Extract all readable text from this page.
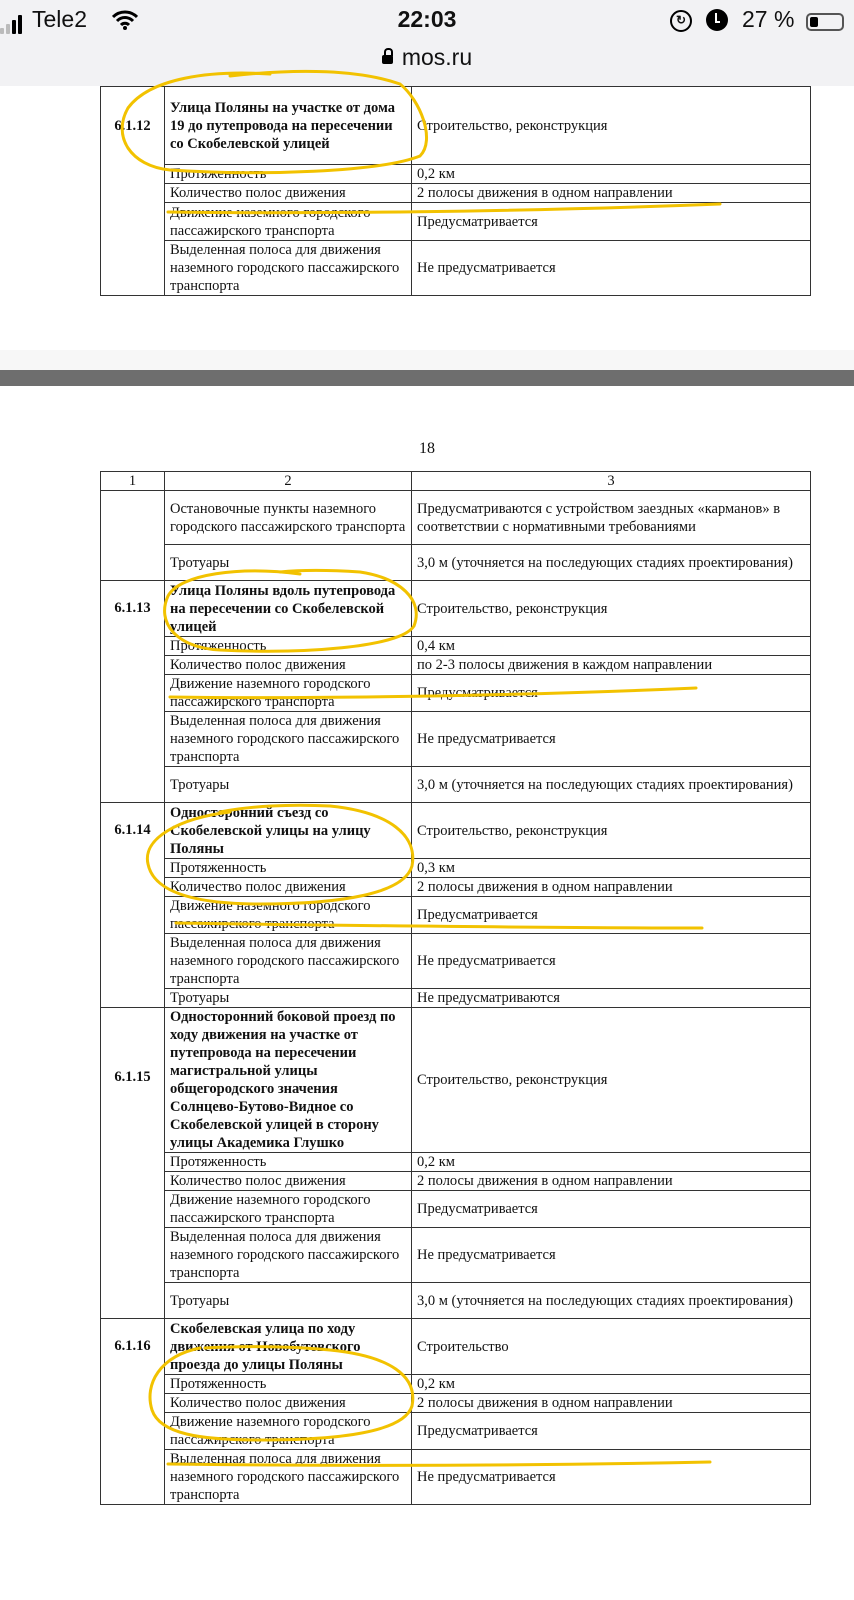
Tele2	22:03	↻ 27 %
mos.ru
6.1.12	Улица Поляны на участке от дома 19 до путепровода на пересечении со Скобелевской улицей	Строительство, реконструкция
	Протяженность	0,2 км
	Количество полос движения	2 полосы движения в одном направлении
	Движение наземного городского пассажирского транспорта	Предусматривается
	Выделенная полоса для движения наземного городского пассажирского транспорта	Не предусматривается
18
1	2	3
	Остановочные пункты наземного городского пассажирского транспорта	Предусматриваются с устройством заездных «карманов» в соответствии с нормативными требованиями
	Тротуары	3,0 м (уточняется на последующих стадиях проектирования)
6.1.13	Улица Поляны вдоль путепровода на пересечении со Скобелевской улицей	Строительство, реконструкция
	Протяженность	0,4 км
	Количество полос движения	по 2-3 полосы движения в каждом направлении
	Движение наземного городского пассажирского транспорта	Предусматривается
	Выделенная полоса для движения наземного городского пассажирского транспорта	Не предусматривается
	Тротуары	3,0 м (уточняется на последующих стадиях проектирования)
6.1.14	Односторонний съезд со Скобелевской улицы на улицу Поляны	Строительство, реконструкция
	Протяженность	0,3 км
	Количество полос движения	2 полосы движения в одном направлении
	Движение наземного городского пассажирского транспорта	Предусматривается
	Выделенная полоса для движения наземного городского пассажирского транспорта	Не предусматривается
	Тротуары	Не предусматриваются
6.1.15	Односторонний боковой проезд по ходу движения на участке от путепровода на пересечении магистральной улицы общегородского значения Солнцево-Бутово-Видное со Скобелевской улицей в сторону улицы Академика Глушко	Строительство, реконструкция
	Протяженность	0,2 км
	Количество полос движения	2 полосы движения в одном направлении
	Движение наземного городского пассажирского транспорта	Предусматривается
	Выделенная полоса для движения наземного городского пассажирского транспорта	Не предусматривается
	Тротуары	3,0 м (уточняется на последующих стадиях проектирования)
6.1.16	Скобелевская улица по ходу движения от Новобутовского проезда до улицы Поляны	Строительство
	Протяженность	0,2 км
	Количество полос движения	2 полосы движения в одном направлении
	Движение наземного городского пассажирского транспорта	Предусматривается
	Выделенная полоса для движения наземного городского пассажирского транспорта	Не предусматривается
